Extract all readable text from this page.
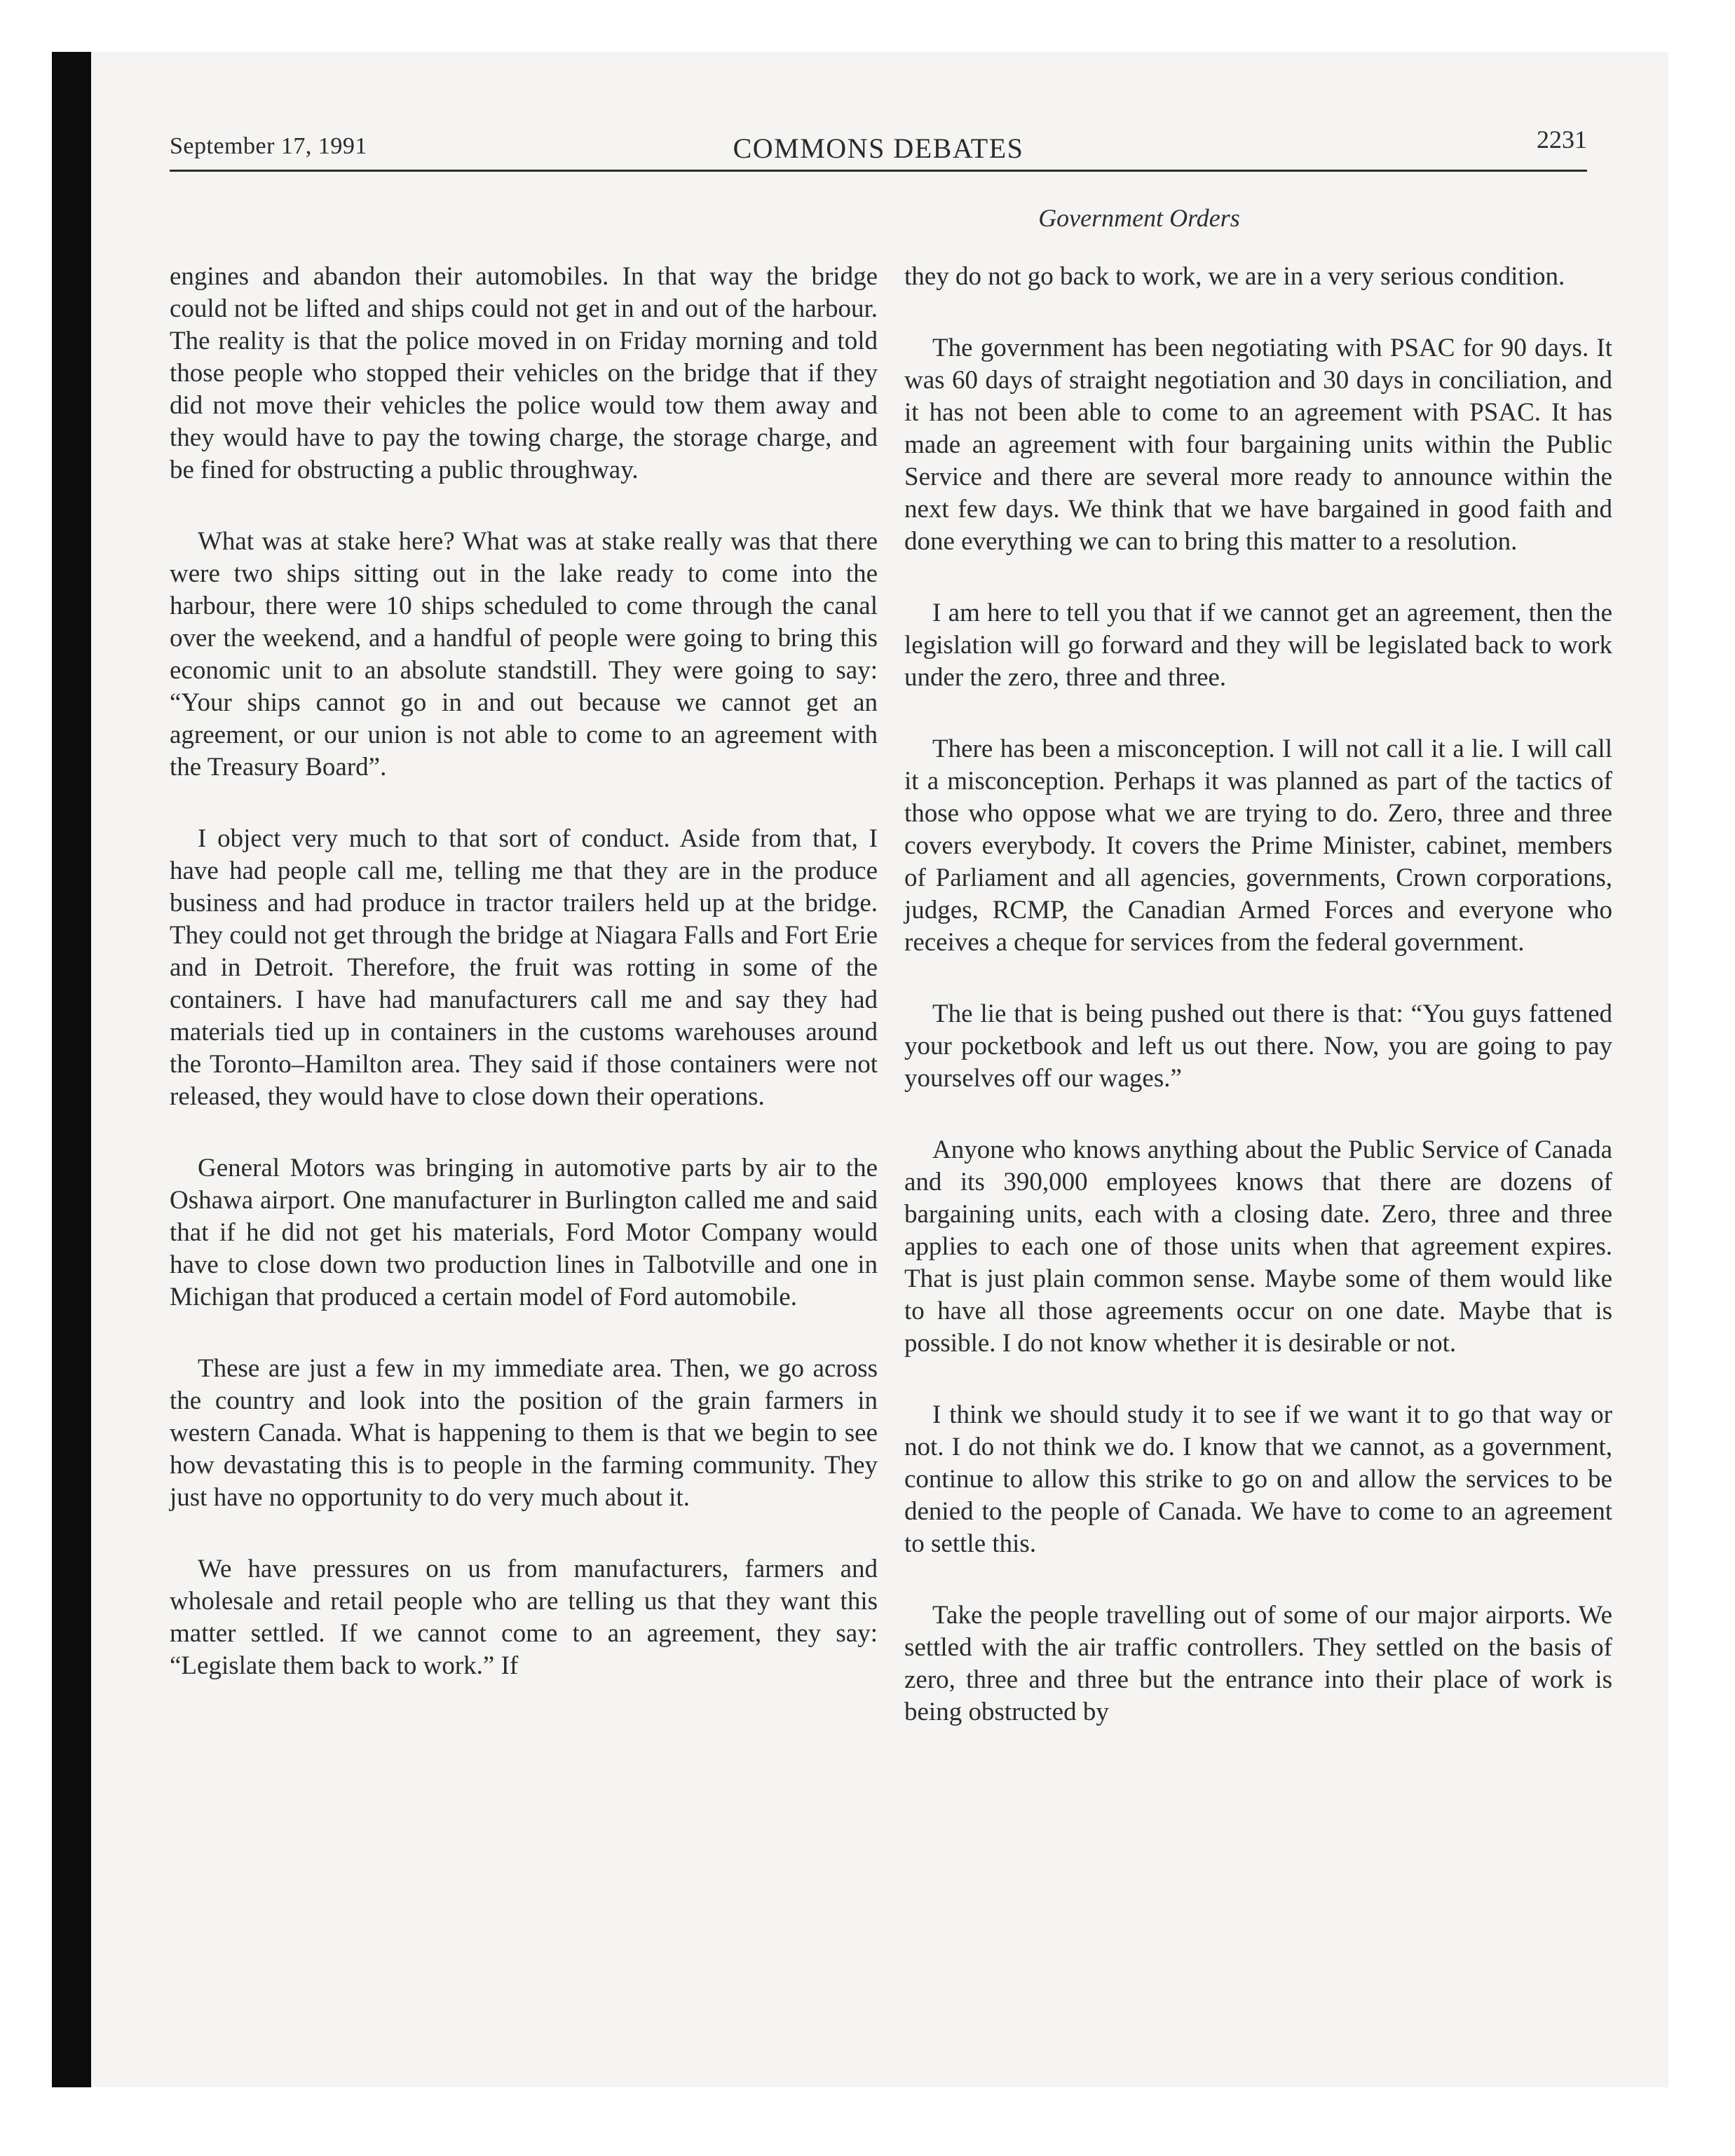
September 17, 1991	COMMONS DEBATES	2231
Government Orders

engines and abandon their automobiles. In that way the bridge could not be lifted and ships could not get in and out of the harbour. The reality is that the police moved in on Friday morning and told those people who stopped their vehicles on the bridge that if they did not move their vehicles the police would tow them away and they would have to pay the towing charge, the storage charge, and be fined for obstructing a public throughway.

What was at stake here? What was at stake really was that there were two ships sitting out in the lake ready to come into the harbour, there were 10 ships scheduled to come through the canal over the weekend, and a handful of people were going to bring this economic unit to an absolute standstill. They were going to say: “Your ships cannot go in and out because we cannot get an agreement, or our union is not able to come to an agreement with the Treasury Board”.

I object very much to that sort of conduct. Aside from that, I have had people call me, telling me that they are in the produce business and had produce in tractor trailers held up at the bridge. They could not get through the bridge at Niagara Falls and Fort Erie and in Detroit. Therefore, the fruit was rotting in some of the containers. I have had manufacturers call me and say they had materials tied up in containers in the customs warehouses around the Toronto–Hamilton area. They said if those containers were not released, they would have to close down their operations.

General Motors was bringing in automotive parts by air to the Oshawa airport. One manufacturer in Burlington called me and said that if he did not get his materials, Ford Motor Company would have to close down two production lines in Talbotville and one in Michigan that produced a certain model of Ford automobile.

These are just a few in my immediate area. Then, we go across the country and look into the position of the grain farmers in western Canada. What is happening to them is that we begin to see how devastating this is to people in the farming community. They just have no opportunity to do very much about it.

We have pressures on us from manufacturers, farmers and wholesale and retail people who are telling us that they want this matter settled. If we cannot come to an agreement, they say: “Legislate them back to work.” If

they do not go back to work, we are in a very serious condition.

The government has been negotiating with PSAC for 90 days. It was 60 days of straight negotiation and 30 days in conciliation, and it has not been able to come to an agreement with PSAC. It has made an agreement with four bargaining units within the Public Service and there are several more ready to announce within the next few days. We think that we have bargained in good faith and done everything we can to bring this matter to a resolution.

I am here to tell you that if we cannot get an agreement, then the legislation will go forward and they will be legislated back to work under the zero, three and three.

There has been a misconception. I will not call it a lie. I will call it a misconception. Perhaps it was planned as part of the tactics of those who oppose what we are trying to do. Zero, three and three covers everybody. It covers the Prime Minister, cabinet, members of Parliament and all agencies, governments, Crown corporations, judges, RCMP, the Canadian Armed Forces and everyone who receives a cheque for services from the federal government.

The lie that is being pushed out there is that: “You guys fattened your pocketbook and left us out there. Now, you are going to pay yourselves off our wages.”

Anyone who knows anything about the Public Service of Canada and its 390,000 employees knows that there are dozens of bargaining units, each with a closing date. Zero, three and three applies to each one of those units when that agreement expires. That is just plain common sense. Maybe some of them would like to have all those agreements occur on one date. Maybe that is possible. I do not know whether it is desirable or not.

I think we should study it to see if we want it to go that way or not. I do not think we do. I know that we cannot, as a government, continue to allow this strike to go on and allow the services to be denied to the people of Canada. We have to come to an agreement to settle this.

Take the people travelling out of some of our major airports. We settled with the air traffic controllers. They settled on the basis of zero, three and three but the entrance into their place of work is being obstructed by
